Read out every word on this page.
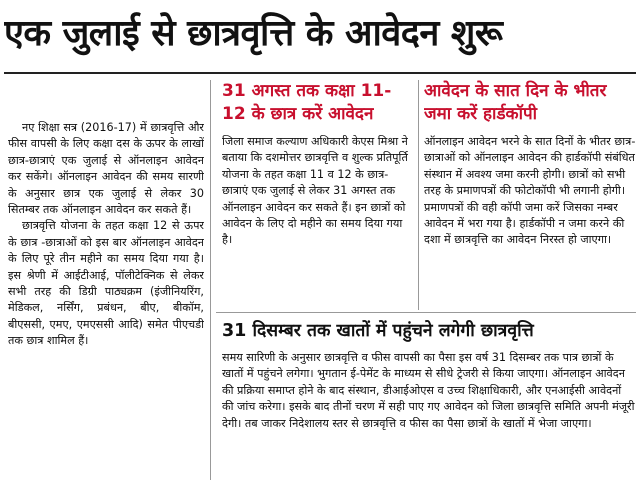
एक जुलाई से छात्रवृत्ति के आवेदन शुरू

नए शिक्षा सत्र (2016-17) में छात्रवृत्ति और फीस वापसी के लिए कक्षा दस के ऊपर के लाखों छात्र-छात्राएं एक जुलाई से ऑनलाइन आवेदन कर सकेंगे। ऑनलाइन आवेदन की समय सारणी के अनुसार छात्र एक जुलाई से लेकर 30 सितम्बर तक ऑनलाइन आवेदन कर सकते हैं।

छात्रवृत्ति योजना के तहत कक्षा 12 से ऊपर के छात्र -छात्राओं को इस बार ऑनलाइन आवेदन के लिए पूरे तीन महीने का समय दिया गया है। इस श्रेणी में आईटीआई, पॉलीटेक्निक से लेकर सभी तरह की डिग्री पाठ्यक्रम (इंजीनियरिंग, मेडिकल, नर्सिंग, प्रबंधन, बीए, बीकॉम, बीएससी, एमए, एमएससी आदि) समेत पीएचडी तक छात्र शामिल हैं।

31 अगस्त तक कक्षा 11-12 के छात्र करें आवेदन
जिला समाज कल्याण अधिकारी केएस मिश्रा ने बताया कि दशमोत्तर छात्रवृत्ति व शुल्क प्रतिपूर्ति योजना के तहत कक्षा 11 व 12 के छात्र-छात्राएं एक जुलाई से लेकर 31 अगस्त तक ऑनलाइन आवेदन कर सकते हैं। इन छात्रों को आवेदन के लिए दो महीने का समय दिया गया है।
आवेदन के सात दिन के भीतर जमा करें हार्डकॉपी
ऑनलाइन आवेदन भरने के सात दिनों के भीतर छात्र-छात्राओं को ऑनलाइन आवेदन की हार्डकॉपी संबंधित संस्थान में अवश्य जमा करनी होगी। छात्रों को सभी तरह के प्रमाणपत्रों की फोटोकॉपी भी लगानी होगी। प्रमाणपत्रों की वही कॉपी जमा करें जिसका नम्बर आवेदन में भरा गया है। हार्डकॉपी न जमा करने की दशा में छात्रवृत्ति का आवेदन निरस्त हो जाएगा।
31 दिसम्बर तक खातों में पहुंचने लगेगी छात्रवृत्ति
समय सारिणी के अनुसार छात्रवृत्ति व फीस वापसी का पैसा इस वर्ष 31 दिसम्बर तक पात्र छात्रों के खातों में पहुंचने लगेगा। भुगतान ई-पेमेंट के माध्यम से सीधे ट्रेजरी से किया जाएगा। ऑनलाइन आवेदन की प्रक्रिया समाप्त होने के बाद संस्थान, डीआईओएस व उच्च शिक्षाधिकारी, और एनआईसी आवेदनों की जांच करेगा। इसके बाद तीनों चरण में सही पाए गए आवेदन को जिला छात्रवृत्ति समिति अपनी मंजूरी देगी। तब जाकर निदेशालय स्तर से छात्रवृत्ति व फीस का पैसा छात्रों के खातों में भेजा जाएगा।
